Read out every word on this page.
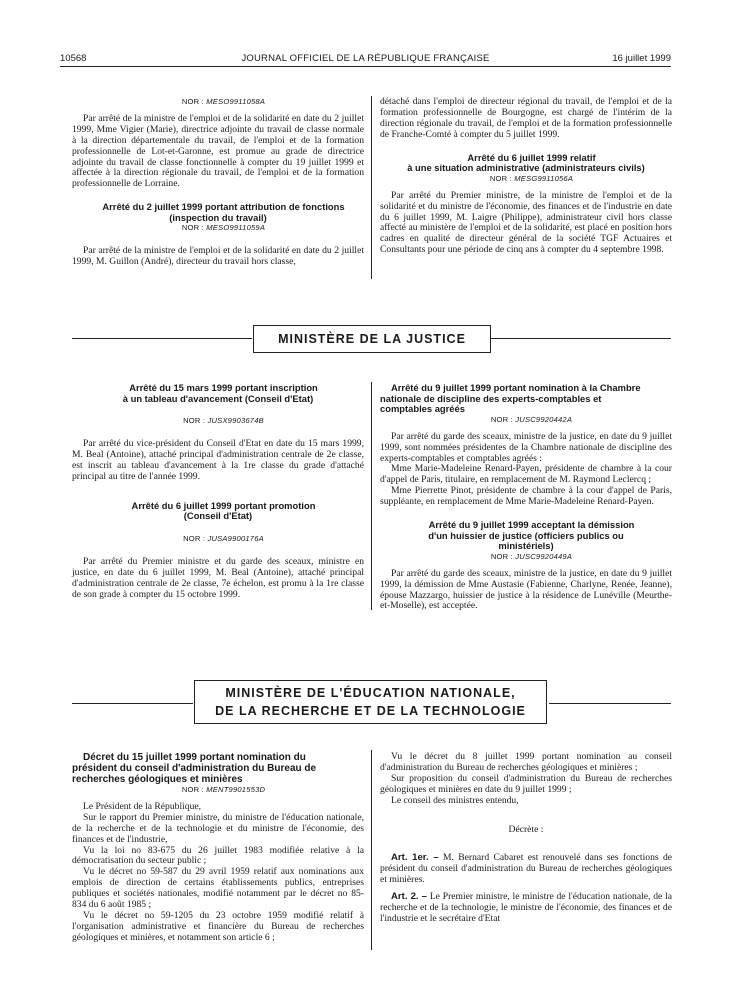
10568	JOURNAL OFFICIEL DE LA RÉPUBLIQUE FRANÇAISE	16 juillet 1999

NOR : MESO9911058A

Par arrêté de la ministre de l'emploi et de la solidarité en date du 2 juillet 1999, Mme Vigier (Marie), directrice adjointe du travail de classe normale à la direction départementale du travail, de l'emploi et de la formation professionnelle de Lot-et-Garonne, est promue au grade de directrice adjointe du travail de classe fonctionnelle à compter du 19 juillet 1999 et affectée à la direction régionale du travail, de l'emploi et de la formation professionnelle de Lorraine.

Arrêté du 2 juillet 1999 portant attribution de fonctions
(inspection du travail)

NOR : MESO9911059A

Par arrêté de la ministre de l'emploi et de la solidarité en date du 2 juillet 1999, M. Guillon (André), directeur du travail hors classe,

détaché dans l'emploi de directeur régional du travail, de l'emploi et de la formation professionnelle de Bourgogne, est chargé de l'intérim de la direction régionale du travail, de l'emploi et de la formation professionnelle de Franche-Comté à compter du 5 juillet 1999.

Arrêté du 6 juillet 1999 relatif
à une situation administrative (administrateurs civils)

NOR : MESG9911056A

Par arrêté du Premier ministre, de la ministre de l'emploi et de la solidarité et du ministre de l'économie, des finances et de l'industrie en date du 6 juillet 1999, M. Laigre (Philippe), administrateur civil hors classe affecté au ministère de l'emploi et de la solidarité, est placé en position hors cadres en qualité de directeur général de la société TGF Actuaires et Consultants pour une période de cinq ans à compter du 4 septembre 1998.

MINISTÈRE DE LA JUSTICE

Arrêté du 15 mars 1999 portant inscription
à un tableau d'avancement (Conseil d'Etat)

NOR : JUSX9903674B

Par arrêté du vice-président du Conseil d'Etat en date du 15 mars 1999, M. Beal (Antoine), attaché principal d'administration centrale de 2e classe, est inscrit au tableau d'avancement à la 1re classe du grade d'attaché principal au titre de l'année 1999.

Arrêté du 6 juillet 1999 portant promotion
(Conseil d'Etat)

NOR : JUSA9900176A

Par arrêté du Premier ministre et du garde des sceaux, ministre en justice, en date du 6 juillet 1999, M. Beal (Antoine), attaché principal d'administration centrale de 2e classe, 7e échelon, est promu à la 1re classe de son grade à compter du 15 octobre 1999.

Arrêté du 9 juillet 1999 portant nomination à la Chambre
nationale de discipline des experts-comptables et
comptables agréés

NOR : JUSC9920442A

Par arrêté du garde des sceaux, ministre de la justice, en date du 9 juillet 1999, sont nommées présidentes de la Chambre nationale de discipline des experts-comptables et comptables agréés :

Mme Marie-Madeleine Renard-Payen, présidente de chambre à la cour d'appel de Paris, titulaire, en remplacement de M. Raymond Leclercq ;

Mme Pierrette Pinot, présidente de chambre à la cour d'appel de Paris, suppléante, en remplacement de Mme Marie-Madeleine Renard-Payen.

Arrêté du 9 juillet 1999 acceptant la démission
d'un huissier de justice (officiers publics ou
ministériels)

NOR : JUSC9920449A

Par arrêté du garde des sceaux, ministre de la justice, en date du 9 juillet 1999, la démission de Mme Austasie (Fabienne, Charlyne, Renée, Jeanne), épouse Mazzargo, huissier de justice à la résidence de Lunéville (Meurthe-et-Moselle), est acceptée.

MINISTÈRE DE L'ÉDUCATION NATIONALE,
DE LA RECHERCHE ET DE LA TECHNOLOGIE

Décret du 15 juillet 1999 portant nomination du
président du conseil d'administration du Bureau de
recherches géologiques et minières

NOR : MENT9901553D

Le Président de la République,

Sur le rapport du Premier ministre, du ministre de l'éducation nationale, de la recherche et de la technologie et du ministre de l'économie, des finances et de l'industrie,

Vu la loi no 83-675 du 26 juillet 1983 modifiée relative à la démocratisation du secteur public ;

Vu le décret no 59-587 du 29 avril 1959 relatif aux nominations aux emplois de direction de certains établissements publics, entreprises publiques et sociétés nationales, modifié notamment par le décret no 85-834 du 6 août 1985 ;

Vu le décret no 59-1205 du 23 octobre 1959 modifié relatif à l'organisation administrative et financière du Bureau de recherches géologiques et minières, et notamment son article 6 ;

Vu le décret du 8 juillet 1999 portant nomination au conseil d'administration du Bureau de recherches géologiques et minières ;

Sur proposition du conseil d'administration du Bureau de recherches géologiques et minières en date du 9 juillet 1999 ;

Le conseil des ministres entendu,

Décrète :

Art. 1er. – M. Bernard Cabaret est renouvelé dans ses fonctions de président du conseil d'administration du Bureau de recherches géologiques et minières.

Art. 2. – Le Premier ministre, le ministre de l'éducation nationale, de la recherche et de la technologie, le ministre de l'économie, des finances et de l'industrie et le secrétaire d'Etat
